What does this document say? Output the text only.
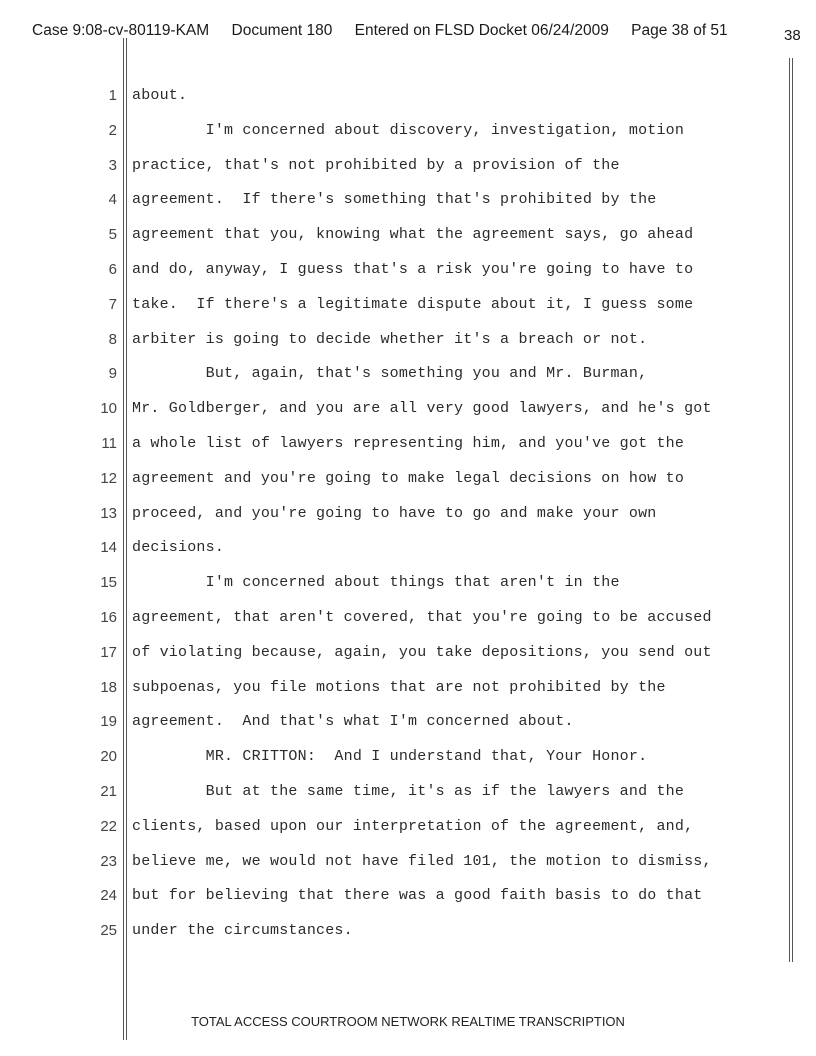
Case 9:08-cv-80119-KAM Document 180 Entered on FLSD Docket 06/24/2009 Page 38 of 51	38
1 about.
2 I'm concerned about discovery, investigation, motion
3 practice, that's not prohibited by a provision of the
4 agreement.  If there's something that's prohibited by the
5 agreement that you, knowing what the agreement says, go ahead
6 and do, anyway, I guess that's a risk you're going to have to
7 take.  If there's a legitimate dispute about it, I guess some
8 arbiter is going to decide whether it's a breach or not.
9 But, again, that's something you and Mr. Burman,
10 Mr. Goldberger, and you are all very good lawyers, and he's got
11 a whole list of lawyers representing him, and you've got the
12 agreement and you're going to make legal decisions on how to
13 proceed, and you're going to have to go and make your own
14 decisions.
15 I'm concerned about things that aren't in the
16 agreement, that aren't covered, that you're going to be accused
17 of violating because, again, you take depositions, you send out
18 subpoenas, you file motions that are not prohibited by the
19 agreement.  And that's what I'm concerned about.
20 MR. CRITTON:  And I understand that, Your Honor.
21 But at the same time, it's as if the lawyers and the
22 clients, based upon our interpretation of the agreement, and,
23 believe me, we would not have filed 101, the motion to dismiss,
24 but for believing that there was a good faith basis to do that
25 under the circumstances.
TOTAL ACCESS COURTROOM NETWORK REALTIME TRANSCRIPTION
